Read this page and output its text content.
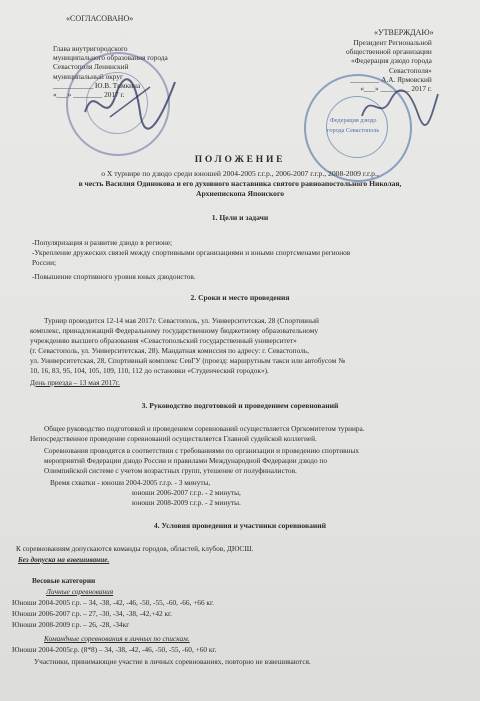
«СОГЛАСОВАНО»
Глава внутригородского
муниципального образования города
Севастополя Ленинский
муниципальный округ
___________ Ю.В. Тимкина
«___» ________ 2017 г.
«УТВЕРЖДАЮ»
Президент Региональной
общественной организации
«Федерация дзюдо города
Севастополя»
________ А.А. Ярмовский
«___» ________ 2017 г.
Федерация дзюдо
города Севастополь
ПОЛОЖЕНИЕ
о X турнире по дзюдо среди юношей 2004-2005 г.г.р., 2006-2007 г.г.р., 2008-2009 г.г.р.,
в честь Василия Одинокова и его духовного наставника святого равноапостольного Николая,
Архиепископа Японского
1. Цели и задачи
-Популяризация и развитие дзюдо в регионе;
-Укрепление дружеских связей между спортивными организациями и юными спортсменами регионов
России;
-Повышение спортивного уровня юных дзюдоистов.
2. Сроки и место проведения
Турнир проводится 12-14 мая 2017г. Севастополь, ул. Университетская, 28 (Спортивный
комплекс, принадлежащий Федеральному государственному бюджетному образовательному
учреждению высшего образования «Севастопольский государственный университет»
(г. Севастополь, ул. Университетская, 28). Мандатная комиссия по адресу: г. Севастополь,
ул. Университетская, 28, Спортивный комплекс СевГУ (проезд: маршрутным такси или автобусом №
10, 16, 83, 95, 104, 105, 109, 110, 112 до остановки «Студенческий городок»).
День приезда – 13 мая 2017г.
3. Руководство подготовкой и проведением соревнований
Общее руководство подготовкой и проведением соревнований осуществляется Оргкомитетом турнира.
Непосредственное проведение соревнований осуществляется Главной судейской коллегией.
Соревнования проводятся в соответствии с требованиями по организации и проведению спортивных
мероприятий Федерации дзюдо России и правилами Международной Федерации дзюдо по
Олимпийской системе с учетом возрастных групп, утешение от полуфиналистов.
Время схватки - юноши 2004-2005 г.г.р. - 3 минуты,
юноши 2006-2007 г.г.р. - 2 минуты,
юноши 2008-2009 г.г.р. - 2 минуты.
4. Условия проведения и участники соревнований
К соревнованиям допускаются команды городов, областей, клубов, ДЮСШ.
Без допуска на взвешивание.
Весовые категории
Личные соревнования
Юноши 2004-2005 г.р. – 34, -38, -42, -46, -50, -55, -60, -66, +66 кг.
Юноши 2006-2007 г.р. – 27, -30, -34, -38, -42,+42 кг.
Юноши 2008-2009 г.р. – 26, -28, -34кг
Командные соревнования в личных по спискам.
Юноши 2004-2005г.р. (8*8) – 34, -38, -42, -46, -50, -55, -60, +60 кг.
Участники, принимающие участие в личных соревнованиях, повторно не взвешиваются.
